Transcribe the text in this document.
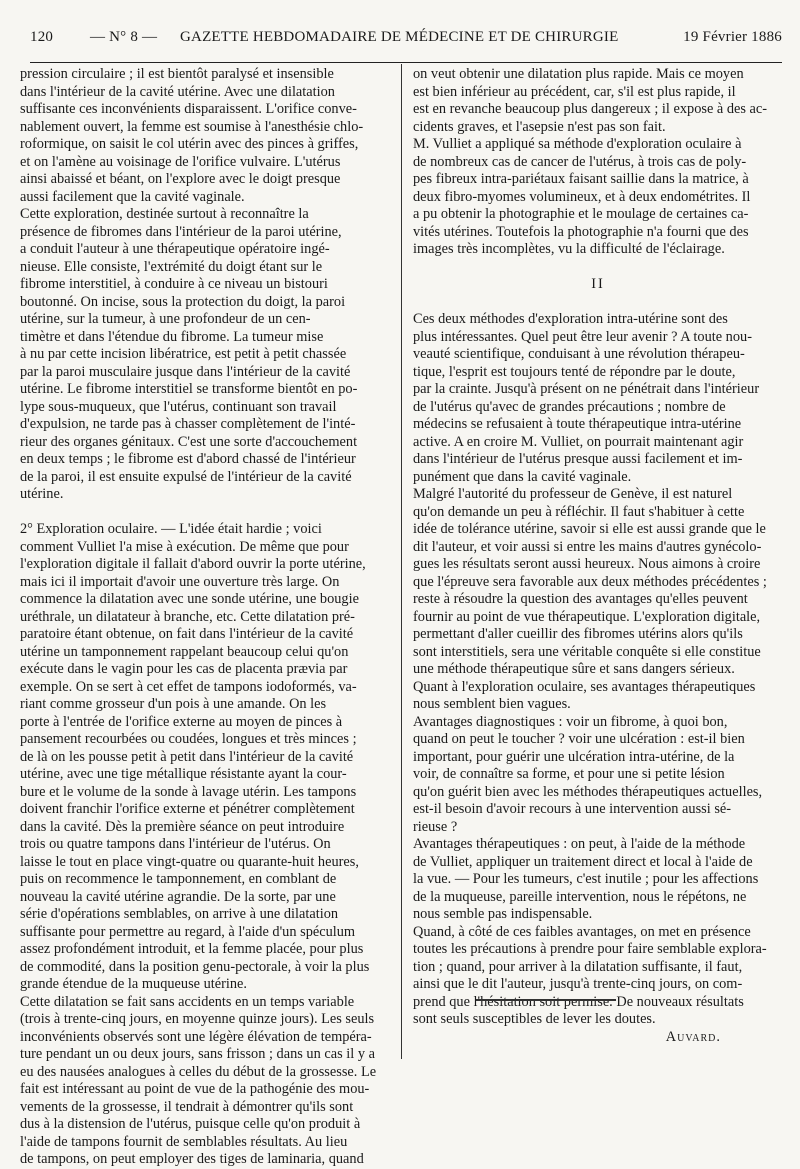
120 — N° 8 — GAZETTE HEBDOMADAIRE DE MÉDECINE ET DE CHIRURGIE	19 Février 1886
pression circulaire ; il est bientôt paralysé et insensible
dans l'intérieur de la cavité utérine. Avec une dilatation
suffisante ces inconvénients disparaissent. L'orifice conve-
nablement ouvert, la femme est soumise à l'anesthésie chlo-
roformique, on saisit le col utérin avec des pinces à griffes,
et on l'amène au voisinage de l'orifice vulvaire. L'utérus
ainsi abaissé et béant, on l'explore avec le doigt presque
aussi facilement que la cavité vaginale.
Cette exploration, destinée surtout à reconnaître la
présence de fibromes dans l'intérieur de la paroi utérine,
a conduit l'auteur à une thérapeutique opératoire ingé-
nieuse. Elle consiste, l'extrémité du doigt étant sur le
fibrome interstitiel, à conduire à ce niveau un bistouri
boutonné. On incise, sous la protection du doigt, la paroi
utérine, sur la tumeur, à une profondeur de un cen-
timètre et dans l'étendue du fibrome. La tumeur mise
à nu par cette incision libératrice, est petit à petit chassée
par la paroi musculaire jusque dans l'intérieur de la cavité
utérine. Le fibrome interstitiel se transforme bientôt en po-
lype sous-muqueux, que l'utérus, continuant son travail
d'expulsion, ne tarde pas à chasser complètement de l'inté-
rieur des organes génitaux. C'est une sorte d'accouchement
en deux temps ; le fibrome est d'abord chassé de l'intérieur
de la paroi, il est ensuite expulsé de l'intérieur de la cavité
utérine.
2° Exploration oculaire. — L'idée était hardie ; voici
comment Vulliet l'a mise à exécution. De même que pour
l'exploration digitale il fallait d'abord ouvrir la porte utérine,
mais ici il importait d'avoir une ouverture très large. On
commence la dilatation avec une sonde utérine, une bougie
uréthrale, un dilatateur à branche, etc. Cette dilatation pré-
paratoire étant obtenue, on fait dans l'intérieur de la cavité
utérine un tamponnement rappelant beaucoup celui qu'on
exécute dans le vagin pour les cas de placenta prævia par
exemple. On se sert à cet effet de tampons iodoformés, va-
riant comme grosseur d'un pois à une amande. On les
porte à l'entrée de l'orifice externe au moyen de pinces à
pansement recourbées ou coudées, longues et très minces ;
de là on les pousse petit à petit dans l'intérieur de la cavité
utérine, avec une tige métallique résistante ayant la cour-
bure et le volume de la sonde à lavage utérin. Les tampons
doivent franchir l'orifice externe et pénétrer complètement
dans la cavité. Dès la première séance on peut introduire
trois ou quatre tampons dans l'intérieur de l'utérus. On
laisse le tout en place vingt-quatre ou quarante-huit heures,
puis on recommence le tamponnement, en comblant de
nouveau la cavité utérine agrandie. De la sorte, par une
série d'opérations semblables, on arrive à une dilatation
suffisante pour permettre au regard, à l'aide d'un spéculum
assez profondément introduit, et la femme placée, pour plus
de commodité, dans la position genu-pectorale, à voir la plus
grande étendue de la muqueuse utérine.
Cette dilatation se fait sans accidents en un temps variable
(trois à trente-cinq jours, en moyenne quinze jours). Les seuls
inconvénients observés sont une légère élévation de tempéra-
ture pendant un ou deux jours, sans frisson ; dans un cas il y a
eu des nausées analogues à celles du début de la grossesse. Le
fait est intéressant au point de vue de la pathogénie des mou-
vements de la grossesse, il tendrait à démontrer qu'ils sont
dus à la distension de l'utérus, puisque celle qu'on produit à
l'aide de tampons fournit de semblables résultats. Au lieu
de tampons, on peut employer des tiges de laminaria, quand
on veut obtenir une dilatation plus rapide. Mais ce moyen
est bien inférieur au précédent, car, s'il est plus rapide, il
est en revanche beaucoup plus dangereux ; il expose à des ac-
cidents graves, et l'asepsie n'est pas son fait.
M. Vulliet a appliqué sa méthode d'exploration oculaire à
de nombreux cas de cancer de l'utérus, à trois cas de poly-
pes fibreux intra-pariétaux faisant saillie dans la matrice, à
deux fibro-myomes volumineux, et à deux endométrites. Il
a pu obtenir la photographie et le moulage de certaines ca-
vités utérines. Toutefois la photographie n'a fourni que des
images très incomplètes, vu la difficulté de l'éclairage.
II
Ces deux méthodes d'exploration intra-utérine sont des
plus intéressantes. Quel peut être leur avenir ? A toute nou-
veauté scientifique, conduisant à une révolution thérapeu-
tique, l'esprit est toujours tenté de répondre par le doute,
par la crainte. Jusqu'à présent on ne pénétrait dans l'intérieur
de l'utérus qu'avec de grandes précautions ; nombre de
médecins se refusaient à toute thérapeutique intra-utérine
active. A en croire M. Vulliet, on pourrait maintenant agir
dans l'intérieur de l'utérus presque aussi facilement et im-
punément que dans la cavité vaginale.
Malgré l'autorité du professeur de Genève, il est naturel
qu'on demande un peu à réfléchir. Il faut s'habituer à cette
idée de tolérance utérine, savoir si elle est aussi grande que le
dit l'auteur, et voir aussi si entre les mains d'autres gynécolo-
gues les résultats seront aussi heureux. Nous aimons à croire
que l'épreuve sera favorable aux deux méthodes précédentes ;
reste à résoudre la question des avantages qu'elles peuvent
fournir au point de vue thérapeutique. L'exploration digitale,
permettant d'aller cueillir des fibromes utérins alors qu'ils
sont interstitiels, sera une véritable conquête si elle constitue
une méthode thérapeutique sûre et sans dangers sérieux.
Quant à l'exploration oculaire, ses avantages thérapeutiques
nous semblent bien vagues.
Avantages diagnostiques : voir un fibrome, à quoi bon,
quand on peut le toucher ? voir une ulcération : est-il bien
important, pour guérir une ulcération intra-utérine, de la
voir, de connaître sa forme, et pour une si petite lésion
qu'on guérit bien avec les méthodes thérapeutiques actuelles,
est-il besoin d'avoir recours à une intervention aussi sé-
rieuse ?
Avantages thérapeutiques : on peut, à l'aide de la méthode
de Vulliet, appliquer un traitement direct et local à l'aide de
la vue. — Pour les tumeurs, c'est inutile ; pour les affections
de la muqueuse, pareille intervention, nous le répétons, ne
nous semble pas indispensable.
Quand, à côté de ces faibles avantages, on met en présence
toutes les précautions à prendre pour faire semblable explora-
tion ; quand, pour arriver à la dilatation suffisante, il faut,
ainsi que le dit l'auteur, jusqu'à trente-cinq jours, on com-
prend que l'hésitation soit permise. De nouveaux résultats
sont seuls susceptibles de lever les doutes.
Auvard.
